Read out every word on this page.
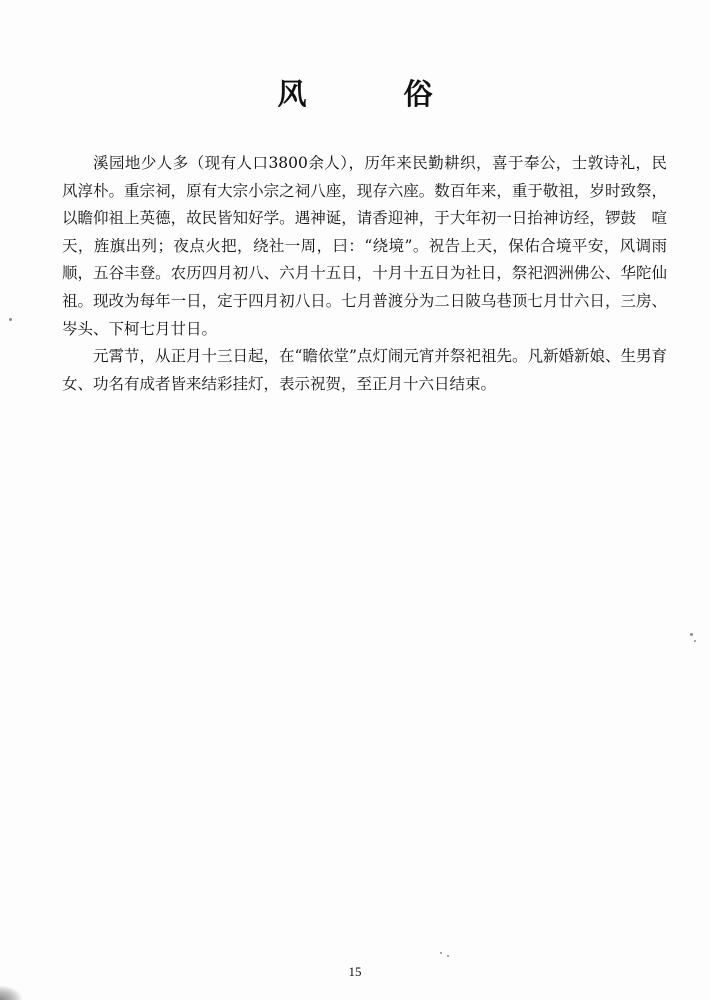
风　俗

溪园地少人多（现有人口3800余人），历年来民勤耕织，喜于奉公，士敦诗礼，民风淳朴。重宗祠，原有大宗小宗之祠八座，现存六座。数百年来，重于敬祖，岁时致祭，以瞻仰祖上英德，故民皆知好学。遇神诞，请香迎神，于大年初一日抬神访经，锣鼓　喧天，旌旗出列；夜点火把，绕社一周，曰：“绕境”。祝告上天，保佑合境平安，风调雨顺，五谷丰登。农历四月初八、六月十五日，十月十五日为社日，祭祀泗洲佛公、华陀仙祖。现改为每年一日，定于四月初八日。七月普渡分为二日陂乌巷顶七月廿六日，三房、岑头、下柯七月廿日。

元霄节，从正月十三日起，在“瞻依堂”点灯闹元宵并祭祀祖先。凡新婚新娘、生男育女、功名有成者皆来结彩挂灯，表示祝贺，至正月十六日结束。

15
